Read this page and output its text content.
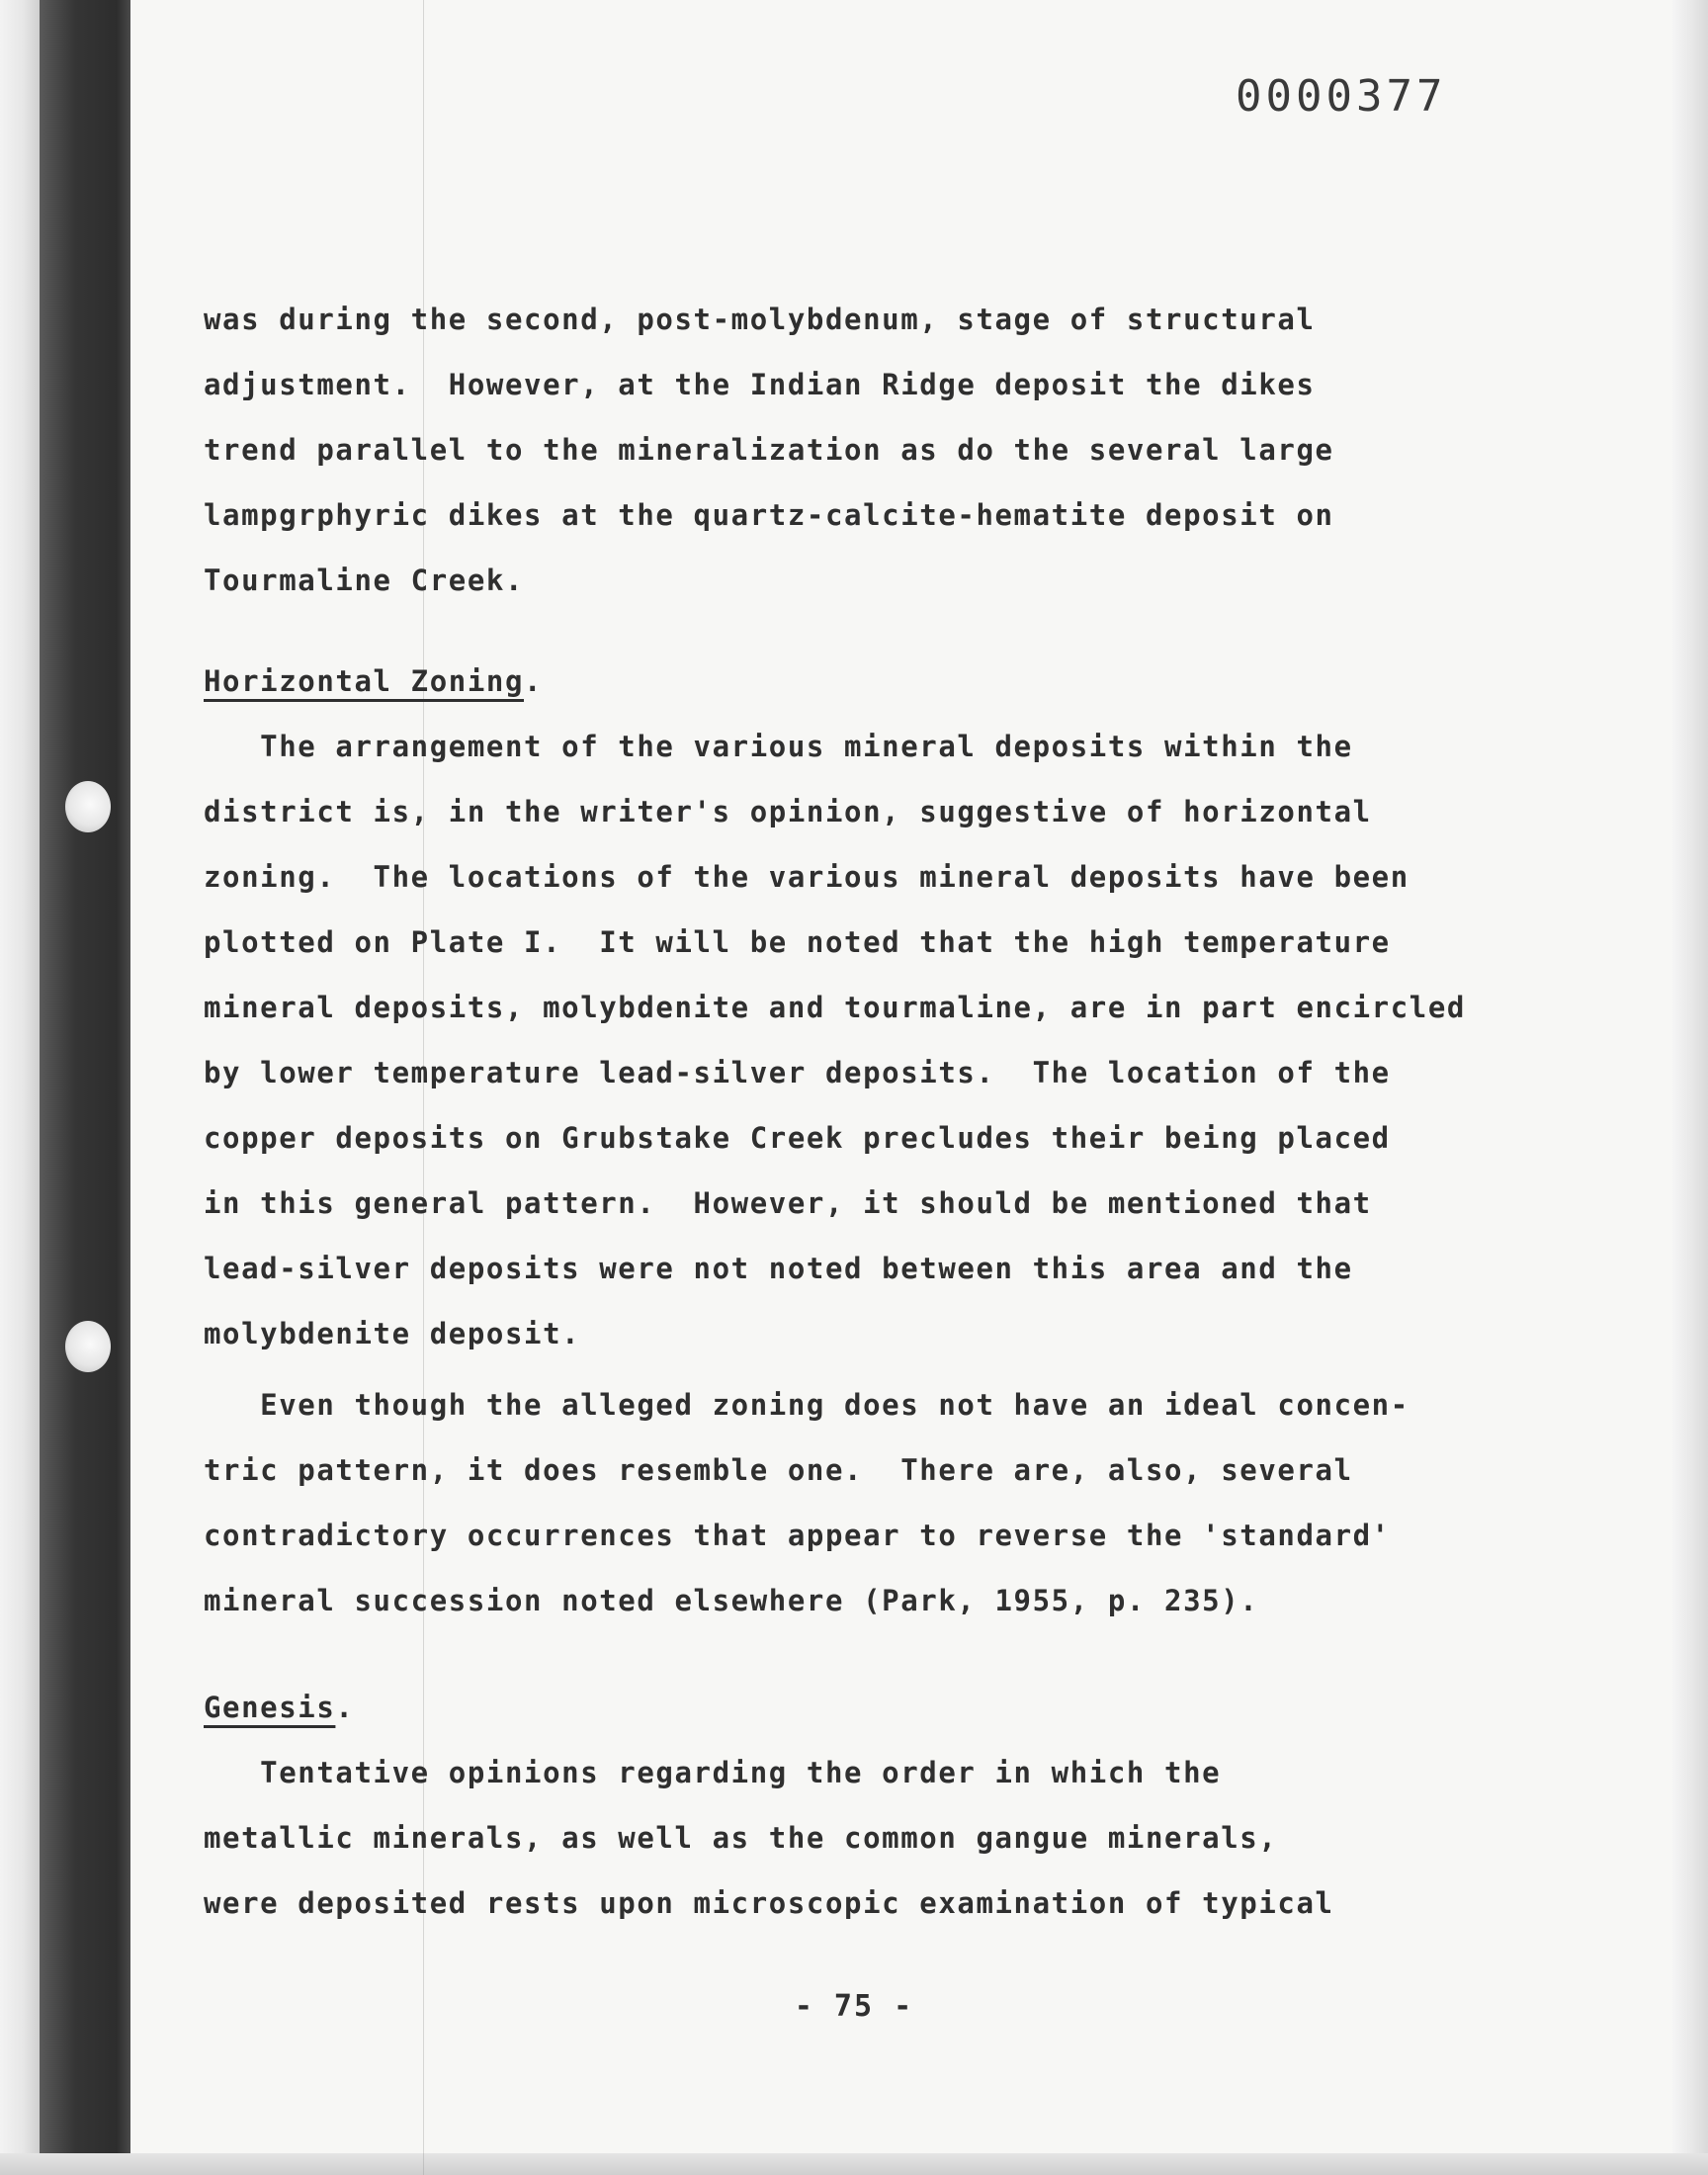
0000377
was during the second, post-molybdenum, stage of structural
adjustment.  However, at the Indian Ridge deposit the dikes
trend parallel to the mineralization as do the several large
lampgrphyric dikes at the quartz-calcite-hematite deposit on
Tourmaline Creek.
Horizontal Zoning.
The arrangement of the various mineral deposits within the
district is, in the writer's opinion, suggestive of horizontal
zoning.  The locations of the various mineral deposits have been
plotted on Plate I.  It will be noted that the high temperature
mineral deposits, molybdenite and tourmaline, are in part encircled
by lower temperature lead-silver deposits.  The location of the
copper deposits on Grubstake Creek precludes their being placed
in this general pattern.  However, it should be mentioned that
lead-silver deposits were not noted between this area and the
molybdenite deposit.
Even though the alleged zoning does not have an ideal concen-
tric pattern, it does resemble one.  There are, also, several
contradictory occurrences that appear to reverse the 'standard'
mineral succession noted elsewhere (Park, 1955, p. 235).
Genesis.
Tentative opinions regarding the order in which the
metallic minerals, as well as the common gangue minerals,
were deposited rests upon microscopic examination of typical
- 75 -
